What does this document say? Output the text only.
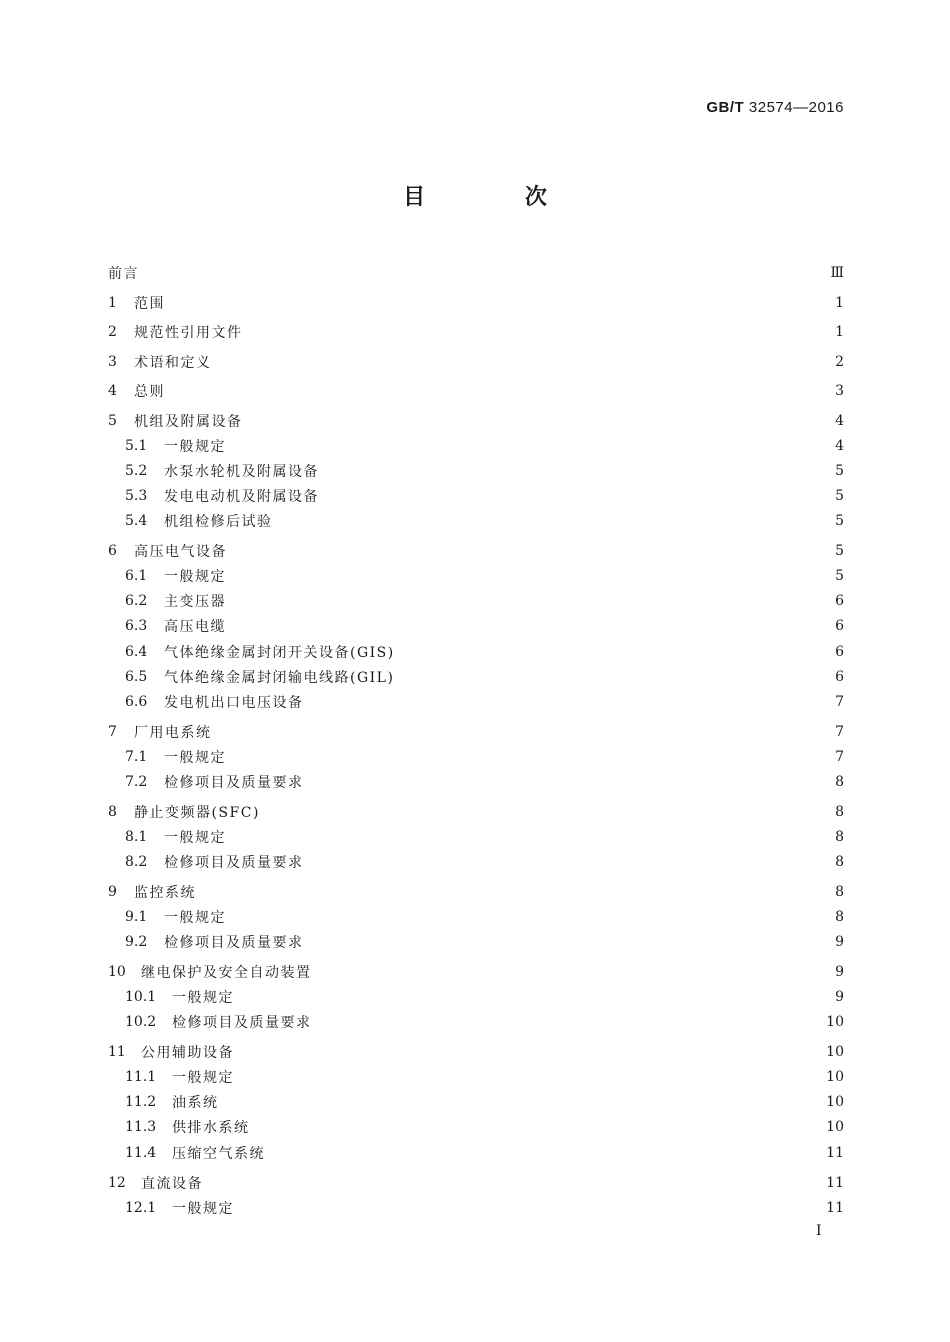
GB/T 32574—2016
目 次
前言	Ⅲ
1	范围	1
2	规范性引用文件	1
3	术语和定义	2
4	总则	3
5	机组及附属设备	4
5.1	一般规定	4
5.2	水泵水轮机及附属设备	5
5.3	发电电动机及附属设备	5
5.4	机组检修后试验	5
6	高压电气设备	5
6.1	一般规定	5
6.2	主变压器	6
6.3	高压电缆	6
6.4	气体绝缘金属封闭开关设备(GIS)	6
6.5	气体绝缘金属封闭输电线路(GIL)	6
6.6	发电机出口电压设备	7
7	厂用电系统	7
7.1	一般规定	7
7.2	检修项目及质量要求	8
8	静止变频器(SFC)	8
8.1	一般规定	8
8.2	检修项目及质量要求	8
9	监控系统	8
9.1	一般规定	8
9.2	检修项目及质量要求	9
10	继电保护及安全自动装置	9
10.1	一般规定	9
10.2	检修项目及质量要求	10
11	公用辅助设备	10
11.1	一般规定	10
11.2	油系统	10
11.3	供排水系统	10
11.4	压缩空气系统	11
12	直流设备	11
12.1	一般规定	11
I
